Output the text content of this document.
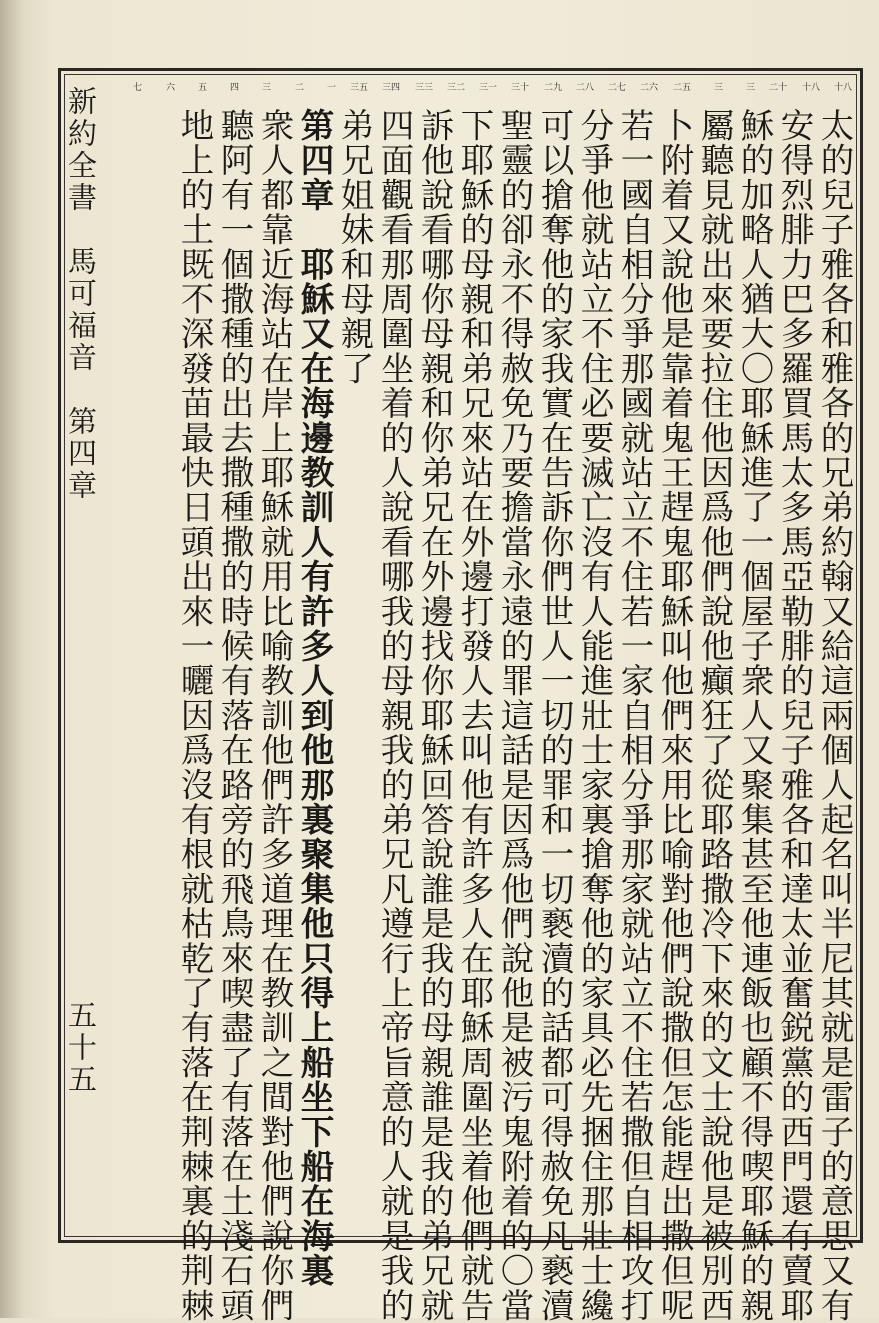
新約全書　馬可福音　第四章
五十五
十八
十八
二十
三
三
二五
二六
二七
二八
二九
三十
三一
三二
三三
三四
三五
一
二
三
四
五
六
七
太的兒子雅各和雅各的兄弟約翰又給這兩個人起名叫半尼其就是雷子的意思又有
安得烈腓力巴多羅買馬太多馬亞勒腓的兒子雅各和達太並奮鋭黨的西門還有賣耶
穌的加略人猶大〇耶穌進了一個屋子衆人又聚集甚至他連飯也顧不得喫耶穌的親
屬聽見就出來要拉住他因爲他們說他癲狂了從耶路撒冷下來的文士說他是被別西
卜附着又說他是靠着鬼王趕鬼耶穌叫他們來用比喻對他們說撒但怎能趕出撒但呢
若一國自相分爭那國就站立不住若一家自相分爭那家就站立不住若撒但自相攻打
分爭他就站立不住必要滅亡沒有人能進壯士家裏搶奪他的家具必先捆住那壯士纔
可以搶奪他的家我實在告訴你們世人一切的罪和一切褻瀆的話都可得赦免凡褻瀆
聖靈的卻永不得赦免乃要擔當永遠的罪這話是因爲他們說他是被污鬼附着的〇當
下耶穌的母親和弟兄來站在外邊打發人去叫他有許多人在耶穌周圍坐着他們就告
訴他說看哪你母親和你弟兄在外邊找你耶穌回答說誰是我的母親誰是我的弟兄就
四面觀看那周圍坐着的人說看哪我的母親我的弟兄凡遵行上帝旨意的人就是我的
弟兄姐妹和母親了
第四章　耶穌又在海邊教訓人有許多人到他那裏聚集他只得上船坐下船在海裏
衆人都靠近海站在岸上耶穌就用比喻教訓他們許多道理在教訓之間對他們說你們
聽阿有一個撒種的出去撒種撒的時候有落在路旁的飛鳥來喫盡了有落在土淺石頭
地上的土既不深發苗最快日頭出來一曬因爲沒有根就枯乾了有落在荆棘裏的荆棘
